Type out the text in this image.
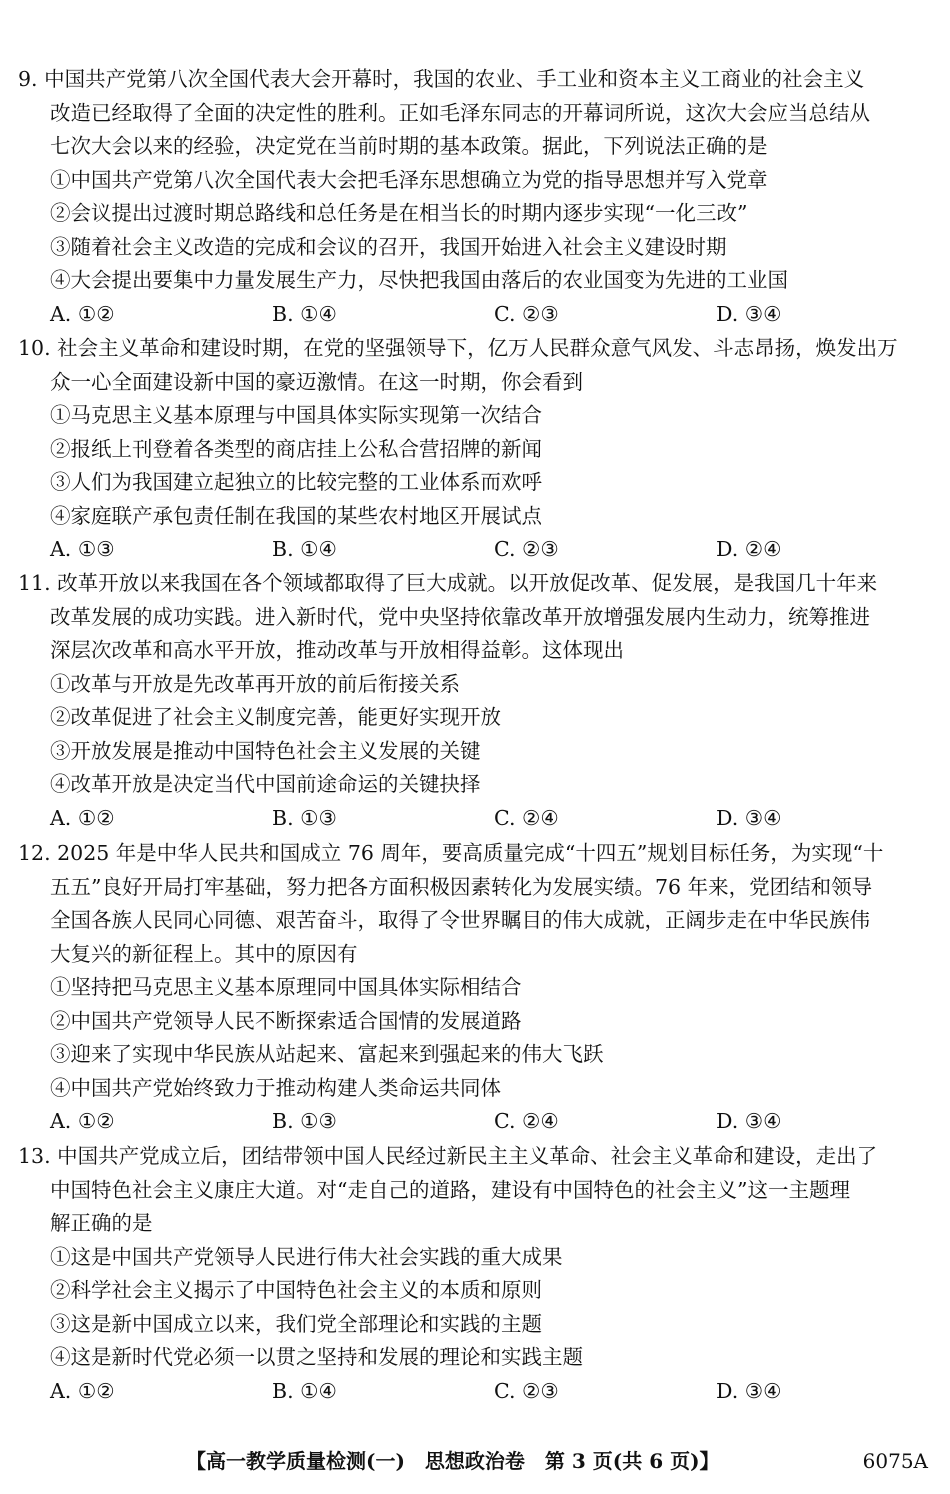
9. 中国共产党第八次全国代表大会开幕时，我国的农业、手工业和资本主义工商业的社会主义
改造已经取得了全面的决定性的胜利。正如毛泽东同志的开幕词所说，这次大会应当总结从
七次大会以来的经验，决定党在当前时期的基本政策。据此，下列说法正确的是
①中国共产党第八次全国代表大会把毛泽东思想确立为党的指导思想并写入党章
②会议提出过渡时期总路线和总任务是在相当长的时期内逐步实现“一化三改”
③随着社会主义改造的完成和会议的召开，我国开始进入社会主义建设时期
④大会提出要集中力量发展生产力，尽快把我国由落后的农业国变为先进的工业国
A. ①②	B. ①④	C. ②③	D. ③④
10. 社会主义革命和建设时期，在党的坚强领导下，亿万人民群众意气风发、斗志昂扬，焕发出万
众一心全面建设新中国的豪迈激情。在这一时期，你会看到
①马克思主义基本原理与中国具体实际实现第一次结合
②报纸上刊登着各类型的商店挂上公私合营招牌的新闻
③人们为我国建立起独立的比较完整的工业体系而欢呼
④家庭联产承包责任制在我国的某些农村地区开展试点
A. ①③	B. ①④	C. ②③	D. ②④
11. 改革开放以来我国在各个领域都取得了巨大成就。以开放促改革、促发展，是我国几十年来
改革发展的成功实践。进入新时代，党中央坚持依靠改革开放增强发展内生动力，统筹推进
深层次改革和高水平开放，推动改革与开放相得益彰。这体现出
①改革与开放是先改革再开放的前后衔接关系
②改革促进了社会主义制度完善，能更好实现开放
③开放发展是推动中国特色社会主义发展的关键
④改革开放是决定当代中国前途命运的关键抉择
A. ①②	B. ①③	C. ②④	D. ③④
12. 2025 年是中华人民共和国成立 76 周年，要高质量完成“十四五”规划目标任务，为实现“十
五五”良好开局打牢基础，努力把各方面积极因素转化为发展实绩。76 年来，党团结和领导
全国各族人民同心同德、艰苦奋斗，取得了令世界瞩目的伟大成就，正阔步走在中华民族伟
大复兴的新征程上。其中的原因有
①坚持把马克思主义基本原理同中国具体实际相结合
②中国共产党领导人民不断探索适合国情的发展道路
③迎来了实现中华民族从站起来、富起来到强起来的伟大飞跃
④中国共产党始终致力于推动构建人类命运共同体
A. ①②	B. ①③	C. ②④	D. ③④
13. 中国共产党成立后，团结带领中国人民经过新民主主义革命、社会主义革命和建设，走出了
中国特色社会主义康庄大道。对“走自己的道路，建设有中国特色的社会主义”这一主题理
解正确的是
①这是中国共产党领导人民进行伟大社会实践的重大成果
②科学社会主义揭示了中国特色社会主义的本质和原则
③这是新中国成立以来，我们党全部理论和实践的主题
④这是新时代党必须一以贯之坚持和发展的理论和实践主题
A. ①②	B. ①④	C. ②③	D. ③④
【高一教学质量检测(一)　思想政治卷　第 3 页(共 6 页)】	6075A
